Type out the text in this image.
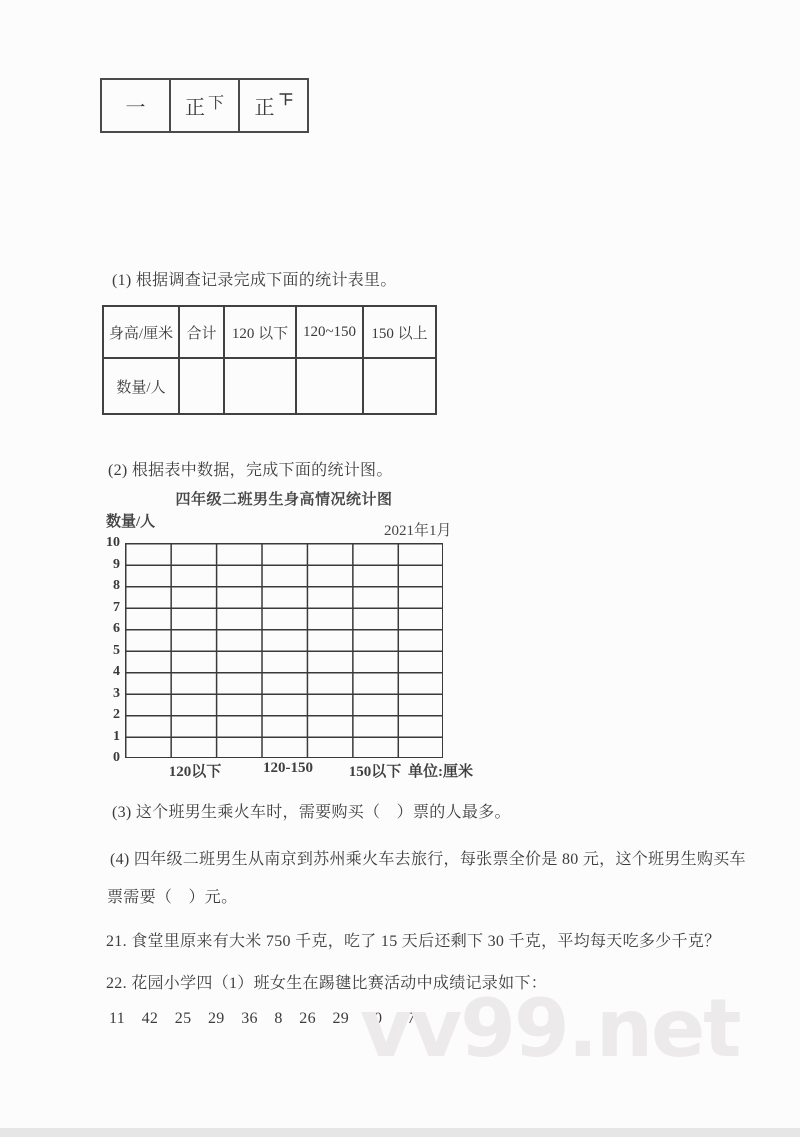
一	正 下	正
(1) 根据调查记录完成下面的统计表里。
身高/厘米	合计	120 以下	120~150	150 以上
数量/人				
(2) 根据表中数据，完成下面的统计图。
四年级二班男生身高情况统计图
数量/人
2021年1月
10
9
8
7
6
5
4
3
2
1
0
120以下	120-150	150以下 单位:厘米
(3) 这个班男生乘火车时，需要购买（　）票的人最多。
(4) 四年级二班男生从南京到苏州乘火车去旅行，每张票全价是 80 元，这个班男生购买车
票需要（　）元。
21. 食堂里原来有大米 750 千克，吃了 15 天后还剩下 30 千克，平均每天吃多少千克？
22. 花园小学四（1）班女生在踢毽比赛活动中成绩记录如下：
11  42  25  29  36  8  26  29  40  17
vv99.net
